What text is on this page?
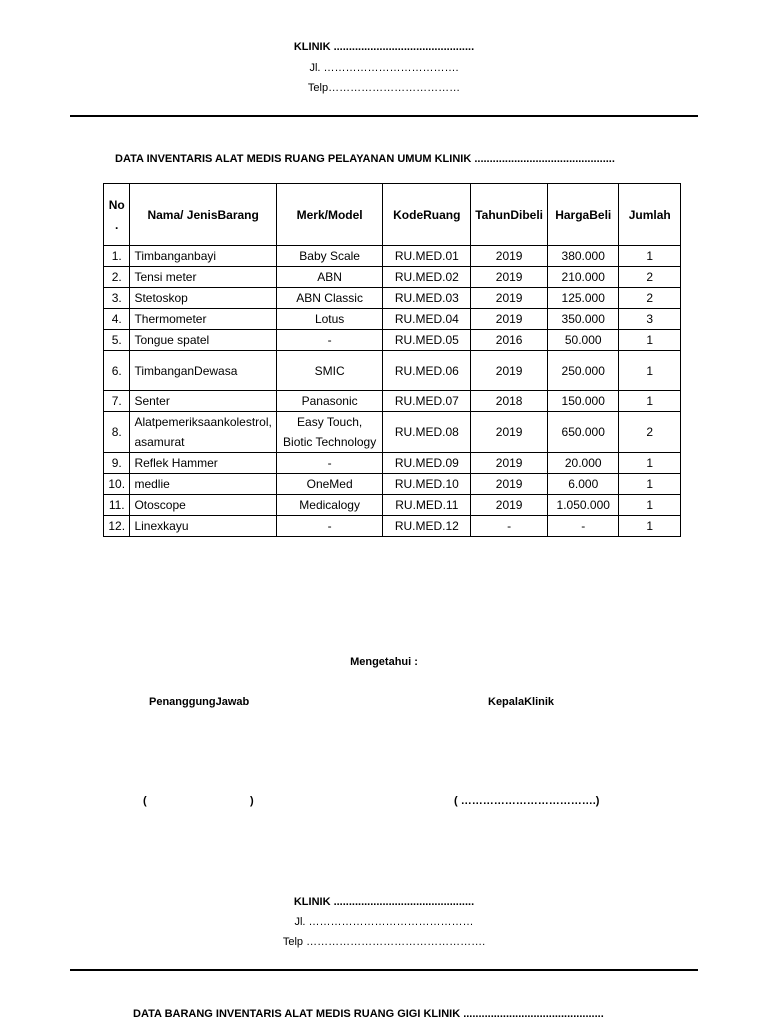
KLINIK ..............................................
Jl. ……………………………….
Telp………………………………
DATA INVENTARIS ALAT MEDIS RUANG PELAYANAN UMUM KLINIK ..............................................
No .	Nama/ JenisBarang	Merk/Model	KodeRuang	TahunDibeli	HargaBeli	Jumlah
1.	Timbanganbayi	Baby Scale	RU.MED.01	2019	380.000	1
2.	Tensi meter	ABN	RU.MED.02	2019	210.000	2
3.	Stetoskop	ABN Classic	RU.MED.03	2019	125.000	2
4.	Thermometer	Lotus	RU.MED.04	2019	350.000	3
5.	Tongue spatel	-	RU.MED.05	2016	50.000	1
6.	TimbanganDewasa	SMIC	RU.MED.06	2019	250.000	1
7.	Senter	Panasonic	RU.MED.07	2018	150.000	1
8.	Alatpemeriksaankolestrol, asamurat	Easy Touch, Biotic Technology	RU.MED.08	2019	650.000	2
9.	Reflek Hammer	-	RU.MED.09	2019	20.000	1
10.	medlie	OneMed	RU.MED.10	2019	6.000	1
11.	Otoscope	Medicalogy	RU.MED.11	2019	1.050.000	1
12.	Linexkayu	-	RU.MED.12	-	-	1
Mengetahui :
PenanggungJawab	KepalaKlinik
(	)	( ……………………………….)
KLINIK ..............................................
Jl. ………………………………………
Telp ………………………………………….
DATA BARANG INVENTARIS ALAT MEDIS RUANG GIGI KLINIK ..............................................
